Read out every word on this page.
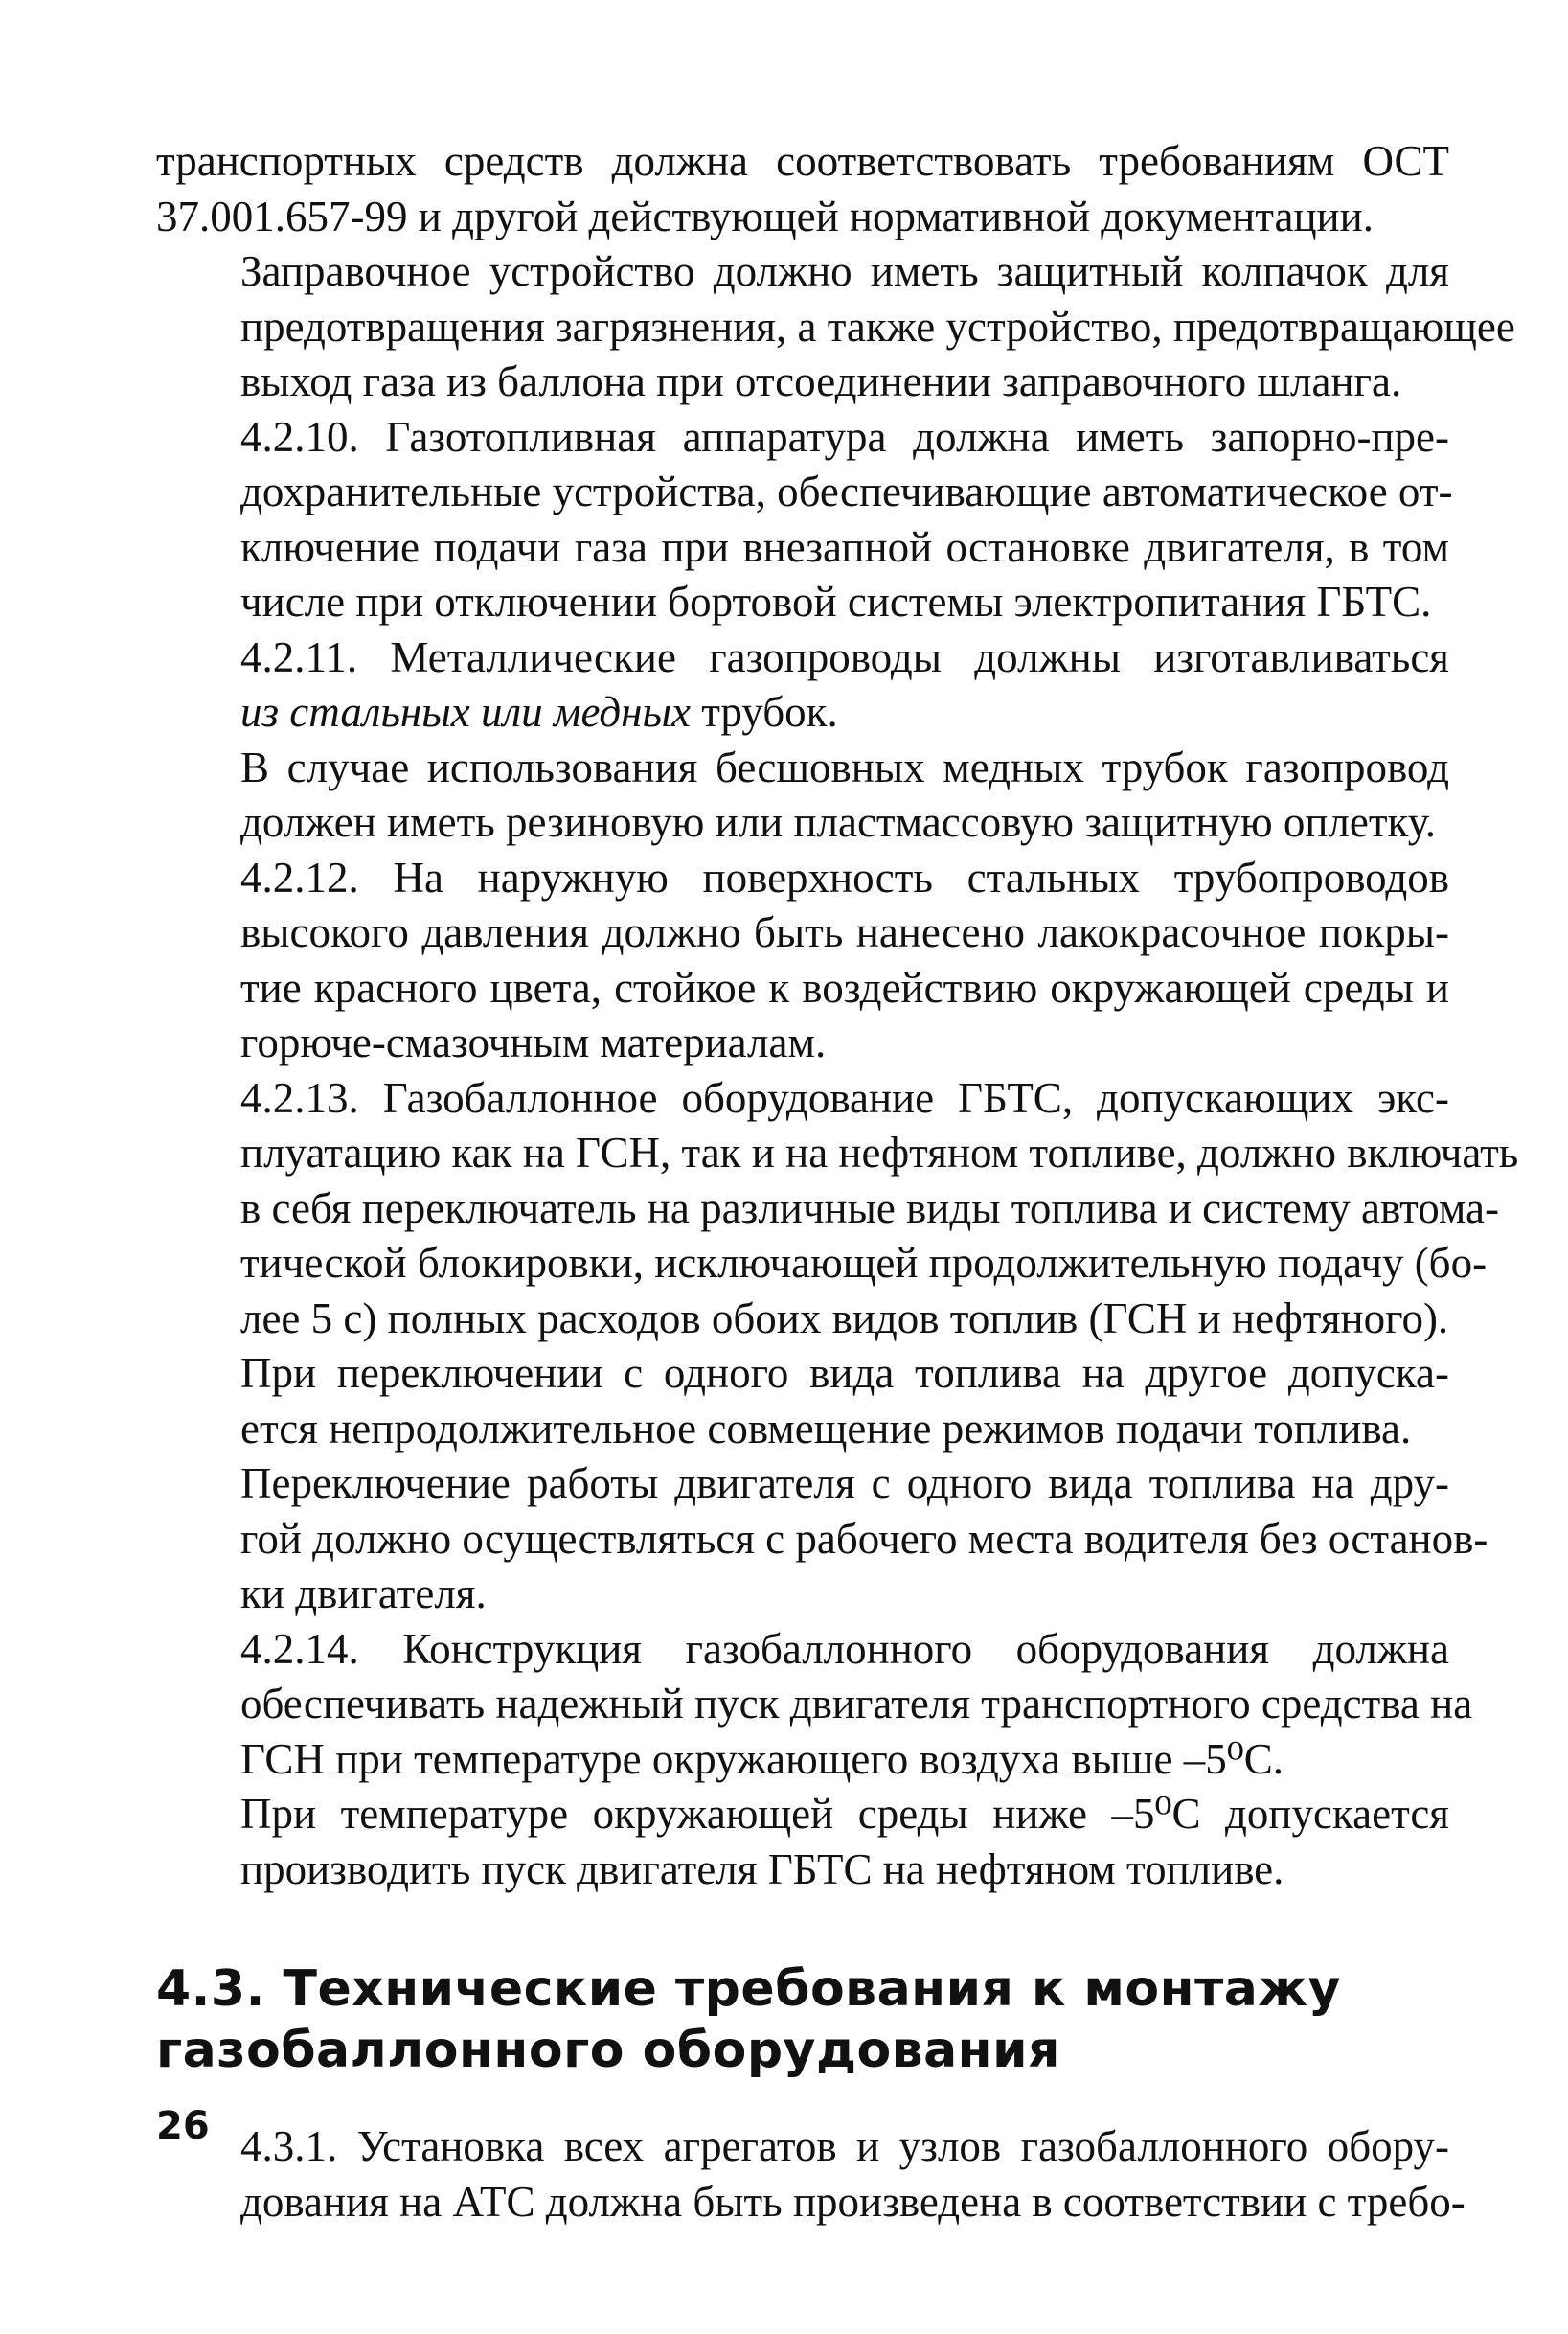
транспортных средств должна соответствовать требованиям ОСТ
37.001.657-99 и другой действующей нормативной документации.
Заправочное устройство должно иметь защитный колпачок для
предотвращения загрязнения, а также устройство, предотвращающее
выход газа из баллона при отсоединении заправочного шланга.
4.2.10. Газотопливная аппаратура должна иметь запорно-пре-
дохранительные устройства, обеспечивающие автоматическое от-
ключение подачи газа при внезапной остановке двигателя, в том
числе при отключении бортовой системы электропитания ГБТС.
4.2.11. Металлические газопроводы должны изготавливаться
из стальных или медных трубок.
В случае использования бесшовных медных трубок газопровод
должен иметь резиновую или пластмассовую защитную оплетку.
4.2.12. На наружную поверхность стальных трубопроводов
высокого давления должно быть нанесено лакокрасочное покры-
тие красного цвета, стойкое к воздействию окружающей среды и
горюче-смазочным материалам.
4.2.13. Газобаллонное оборудование ГБТС, допускающих экс-
плуатацию как на ГСН, так и на нефтяном топливе, должно включать
в себя переключатель на различные виды топлива и систему автома-
тической блокировки, исключающей продолжительную подачу (бо-
лее 5 с) полных расходов обоих видов топлив (ГСН и нефтяного).
При переключении с одного вида топлива на другое допуска-
ется непродолжительное совмещение режимов подачи топлива.
Переключение работы двигателя с одного вида топлива на дру-
гой должно осуществляться с рабочего места водителя без останов-
ки двигателя.
4.2.14. Конструкция газобаллонного оборудования должна
обеспечивать надежный пуск двигателя транспортного средства на
ГСН при температуре окружающего воздуха выше –5⁰С.
При температуре окружающей среды ниже –5⁰С допускается
производить пуск двигателя ГБТС на нефтяном топливе.
4.3. Технические требования к монтажу
газобаллонного оборудования
4.3.1. Установка всех агрегатов и узлов газобаллонного обору-
дования на АТС должна быть произведена в соответствии с требо-
26
